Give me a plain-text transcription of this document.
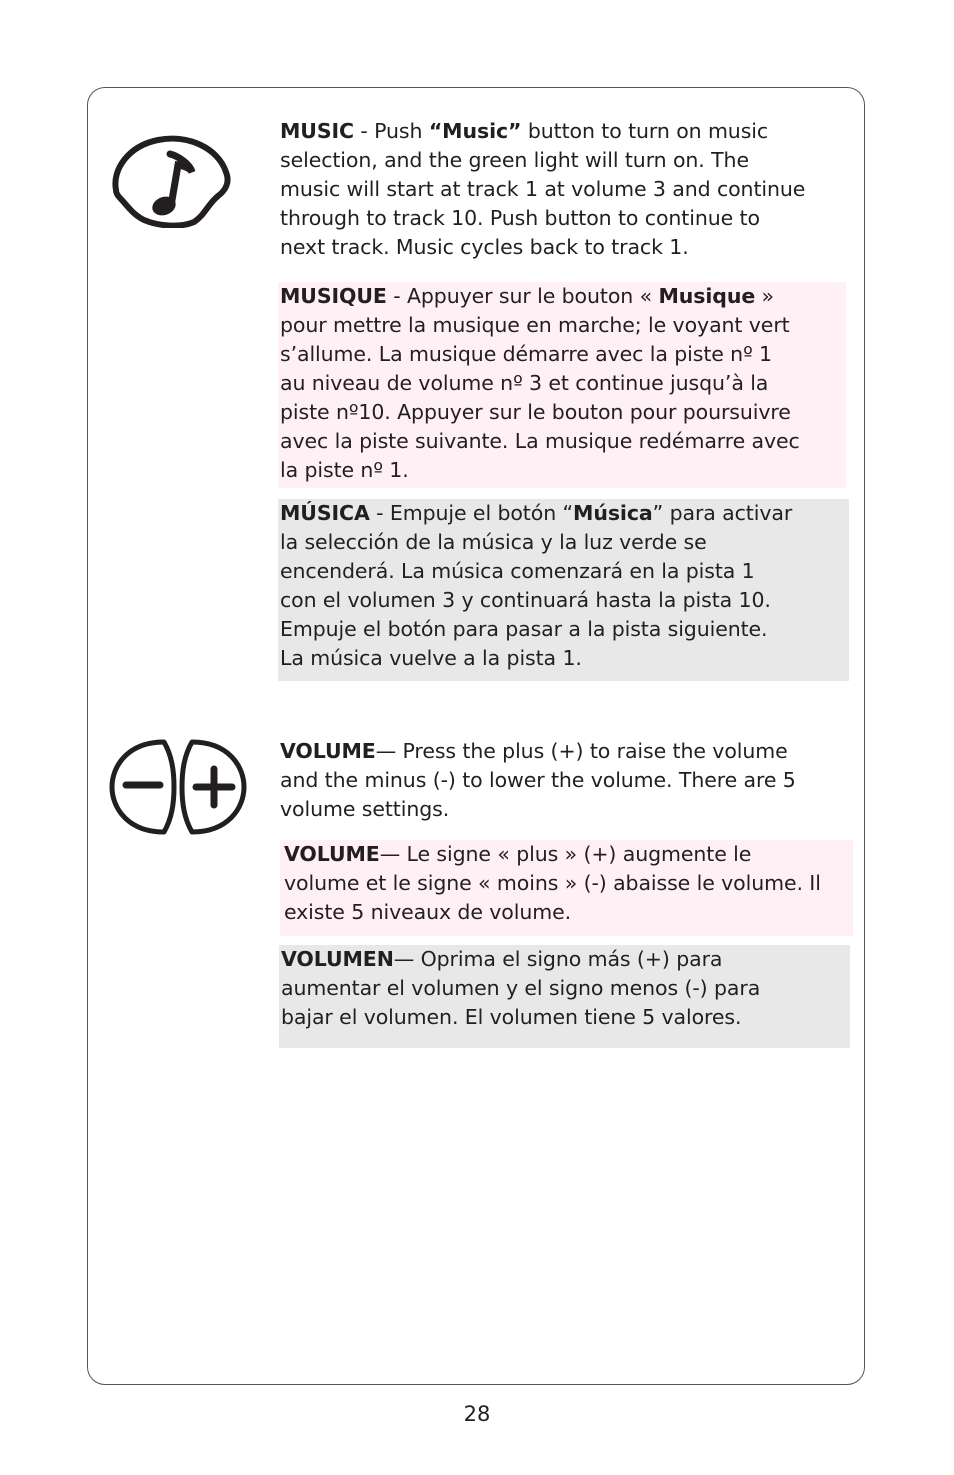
MUSIC - Push “Music” button to turn on music
selection, and the green light will turn on. The
music will start at track 1 at volume 3 and continue
through to track 10. Push button to continue to
next track. Music cycles back to track 1.
MUSIQUE - Appuyer sur le bouton « Musique »
pour mettre la musique en marche; le voyant vert
s’allume. La musique démarre avec la piste nº 1
au niveau de volume nº 3 et continue jusqu’à la
piste nº10. Appuyer sur le bouton pour poursuivre
avec la piste suivante. La musique redémarre avec
la piste nº 1.
MÚSICA - Empuje el botón “Música” para activar
la selección de la música y la luz verde se
encenderá. La música comenzará en la pista 1
con el volumen 3 y continuará hasta la pista 10.
Empuje el botón para pasar a la pista siguiente.
La música vuelve a la pista 1.
VOLUME— Press the plus (+) to raise the volume
and the minus (-) to lower the volume. There are 5
volume settings.
VOLUME— Le signe « plus » (+) augmente le
volume et le signe « moins » (-) abaisse le volume. Il
existe 5 niveaux de volume.
VOLUMEN— Oprima el signo más (+) para
aumentar el volumen y el signo menos (-) para
bajar el volumen. El volumen tiene 5 valores.
28
